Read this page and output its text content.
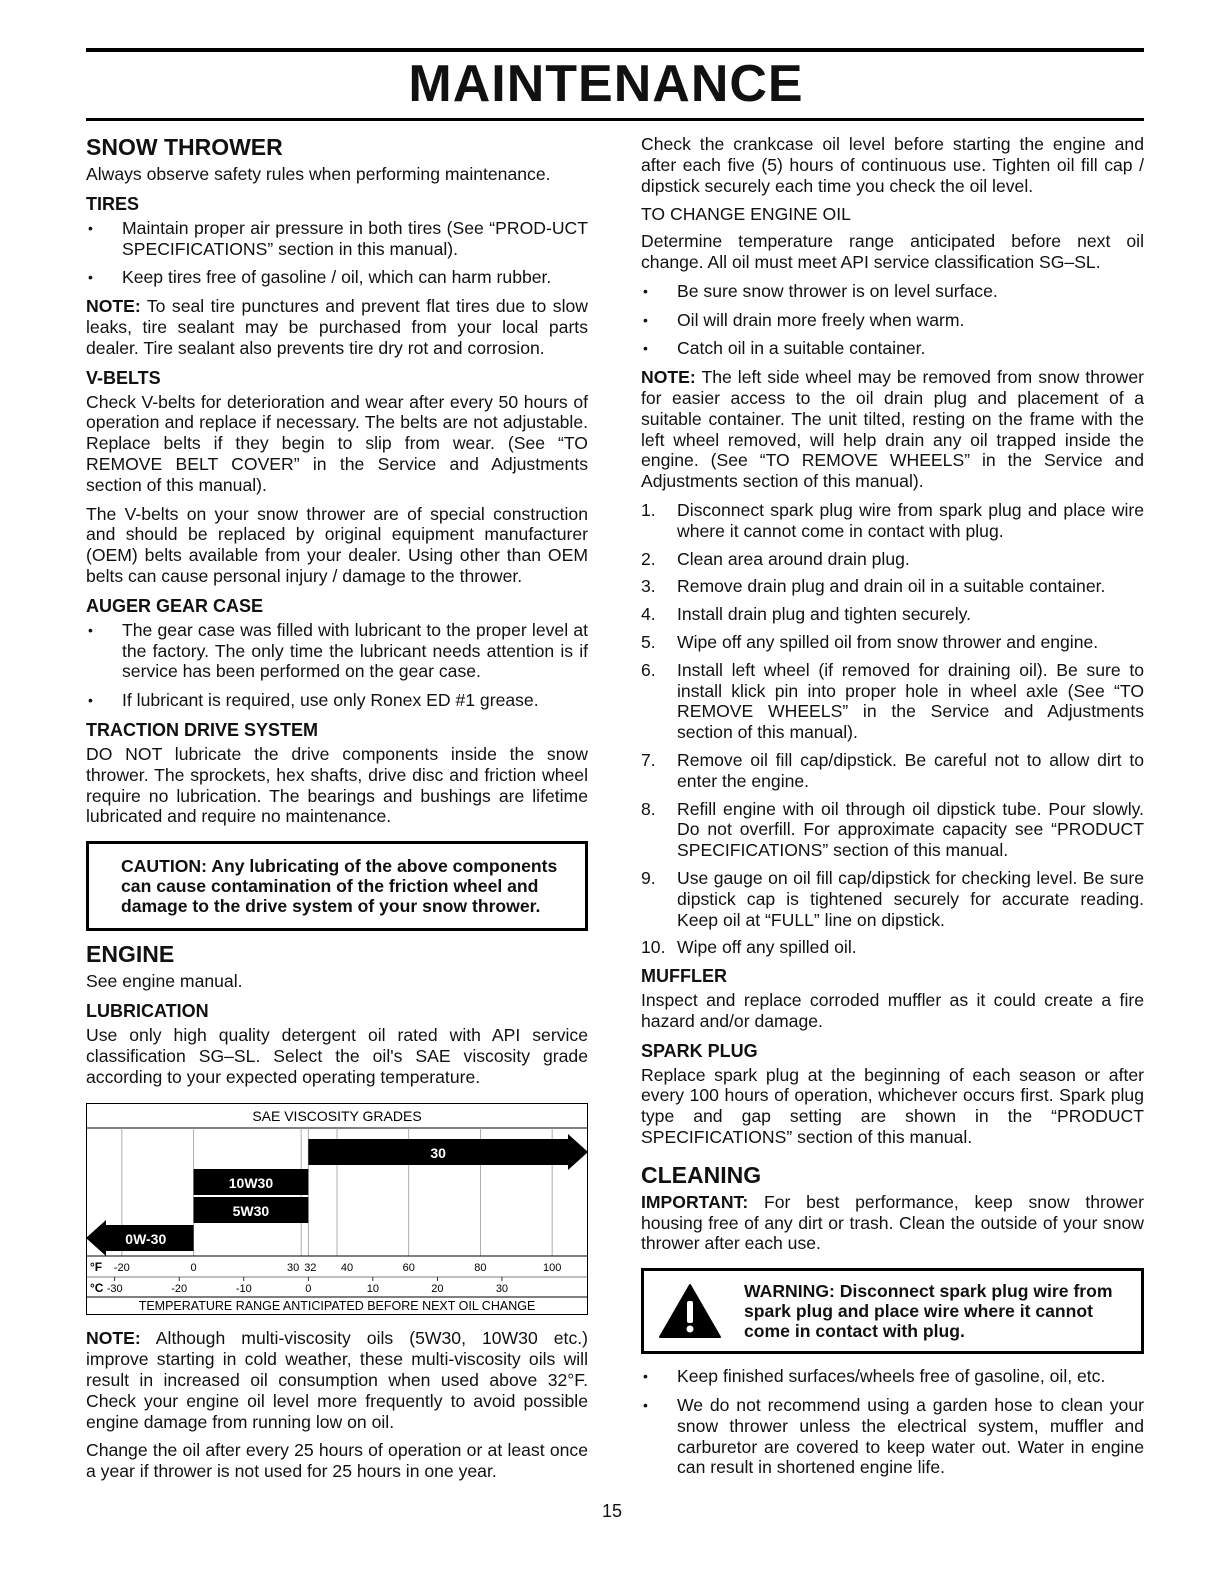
MAINTENANCE
SNOW THROWER

Always observe safety rules when performing maintenance.

TIRES
• Maintain proper air pressure in both tires (See “PROD-UCT SPECIFICATIONS” section in this manual).
• Keep tires free of gasoline / oil, which can harm rubber.

NOTE: To seal tire punctures and prevent flat tires due to slow leaks, tire sealant may be purchased from your local parts dealer. Tire sealant also prevents tire dry rot and corrosion.

V-BELTS

Check V-belts for deterioration and wear after every 50 hours of operation and replace if necessary. The belts are not adjustable. Replace belts if they begin to slip from wear. (See “TO REMOVE BELT COVER” in the Service and Adjustments section of this manual).

The V-belts on your snow thrower are of special construction and should be replaced by original equipment manufacturer (OEM) belts available from your dealer. Using other than OEM belts can cause personal injury / damage to the thrower.

AUGER GEAR CASE
• The gear case was filled with lubricant to the proper level at the factory. The only time the lubricant needs attention is if service has been performed on the gear case.
• If lubricant is required, use only Ronex ED #1 grease.
TRACTION DRIVE SYSTEM

DO NOT lubricate the drive components inside the snow thrower. The sprockets, hex shafts, drive disc and friction wheel require no lubrication. The bearings and bushings are lifetime lubricated and require no maintenance.

CAUTION: Any lubricating of the above components can cause contamination of the friction wheel and damage to the drive system of your snow thrower.

ENGINE

See engine manual.

LUBRICATION

Use only high quality detergent oil rated with API service classification SG–SL. Select the oil's SAE viscosity grade according to your expected operating temperature.

SAE VISCOSITY GRADES
30
10W30
5W30
0W-30
°F -20	0	30 32 40	60	80	100
°C -30	-20	-10	0	10	20	30
TEMPERATURE RANGE ANTICIPATED BEFORE NEXT OIL CHANGE

NOTE: Although multi-viscosity oils (5W30, 10W30 etc.) improve starting in cold weather, these multi-viscosity oils will result in increased oil consumption when used above 32°F. Check your engine oil level more frequently to avoid possible engine damage from running low on oil.

Change the oil after every 25 hours of operation or at least once a year if thrower is not used for 25 hours in one year.

Check the crankcase oil level before starting the engine and after each five (5) hours of continuous use. Tighten oil fill cap / dipstick securely each time you check the oil level.

TO CHANGE ENGINE OIL

Determine temperature range anticipated before next oil change. All oil must meet API service classification SG–SL.

• Be sure snow thrower is on level surface.
• Oil will drain more freely when warm.
• Catch oil in a suitable container.

NOTE: The left side wheel may be removed from snow thrower for easier access to the oil drain plug and placement of a suitable container. The unit tilted, resting on the frame with the left wheel removed, will help drain any oil trapped inside the engine. (See “TO REMOVE WHEELS” in the Service and Adjustments section of this manual).

1. Disconnect spark plug wire from spark plug and place wire where it cannot come in contact with plug.
2. Clean area around drain plug.
3. Remove drain plug and drain oil in a suitable container.
4. Install drain plug and tighten securely.
5. Wipe off any spilled oil from snow thrower and engine.
6. Install left wheel (if removed for draining oil). Be sure to install klick pin into proper hole in wheel axle (See “TO REMOVE WHEELS” in the Service and Adjustments section of this manual).
7. Remove oil fill cap/dipstick. Be careful not to allow dirt to enter the engine.
8. Refill engine with oil through oil dipstick tube. Pour slowly. Do not overfill. For approximate capacity see “PRODUCT SPECIFICATIONS” section of this manual.
9. Use gauge on oil fill cap/dipstick for checking level. Be sure dipstick cap is tightened securely for accurate reading. Keep oil at “FULL” line on dipstick.
10. Wipe off any spilled oil.
MUFFLER

Inspect and replace corroded muffler as it could create a fire hazard and/or damage.

SPARK PLUG

Replace spark plug at the beginning of each season or after every 100 hours of operation, whichever occurs first. Spark plug type and gap setting are shown in the “PRODUCT SPECIFICATIONS” section of this manual.

CLEANING

IMPORTANT: For best performance, keep snow thrower housing free of any dirt or trash. Clean the outside of your snow thrower after each use.

WARNING: Disconnect spark plug wire from spark plug and place wire where it cannot come in contact with plug.

• Keep finished surfaces/wheels free of gasoline, oil, etc.
• We do not recommend using a garden hose to clean your snow thrower unless the electrical system, muffler and carburetor are covered to keep water out. Water in engine can result in shortened engine life.
15
